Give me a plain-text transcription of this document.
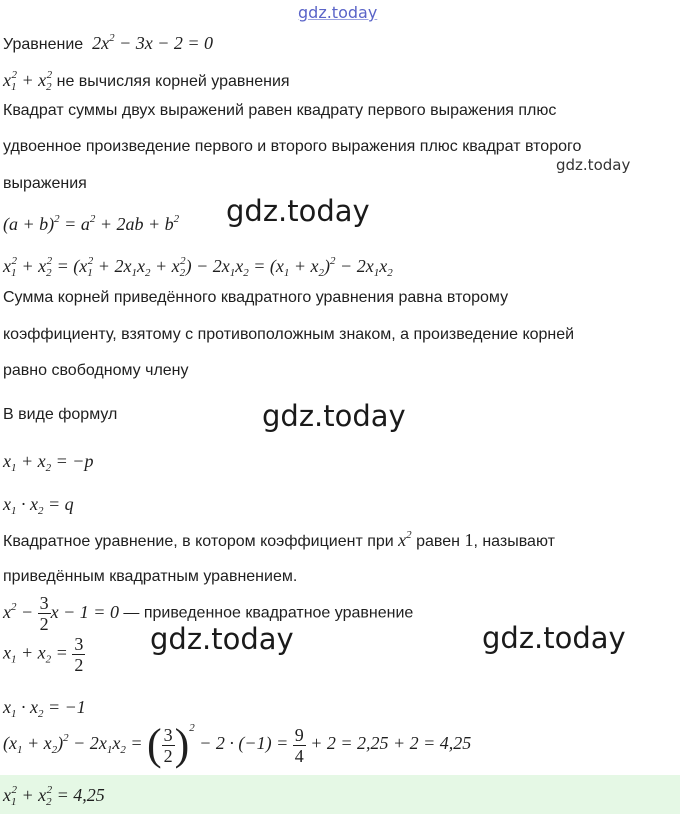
gdz.today
Уравнение  $2x^2 - 3x - 2 = 0$
$x_1^2 + x_2^2$ не вычисляя корней уравнения
Квадрат суммы двух выражений равен квадрату первого выражения плюс
удвоенное произведение первого и второго выражения плюс квадрат второго
gdz.today
выражения
$(a + b)^2 = a^2 + 2ab + b^2$ gdz.today
$x_1^2 + x_2^2 = (x_1^2 + 2x_1x_2 + x_2^2) - 2x_1x_2 = (x_1 + x_2)^2 - 2x_1x_2$
Сумма корней приведённого квадратного уравнения равна второму
коэффициенту, взятому с противоположным знаком, а произведение корней
равно свободному члену
В виде формул	gdz.today
$x_1 + x_2 = -p$
$x_1 \cdot x_2 = q$
Квадратное уравнение, в котором коэффициент при $x^2$ равен 1, называют
приведённым квадратным уравнением.
$x^2 - \frac{3}{2}$ x − 1 = 0 — приведенное квадратное уравнение
gdz.today	gdz.today
$x_1 + x_2 = \frac{3}{2}$
$x_1 \cdot x_2 = -1$
$(x_1 + x_2)^2 - 2x_1x_2$ = ( $\frac{3}{2} )^2 - 2 \cdot (-1) = \frac{9}{4} + 2 = 2,25 + 2 = 4,25$
$x_1^2 + x_2^2 = 4,25$
